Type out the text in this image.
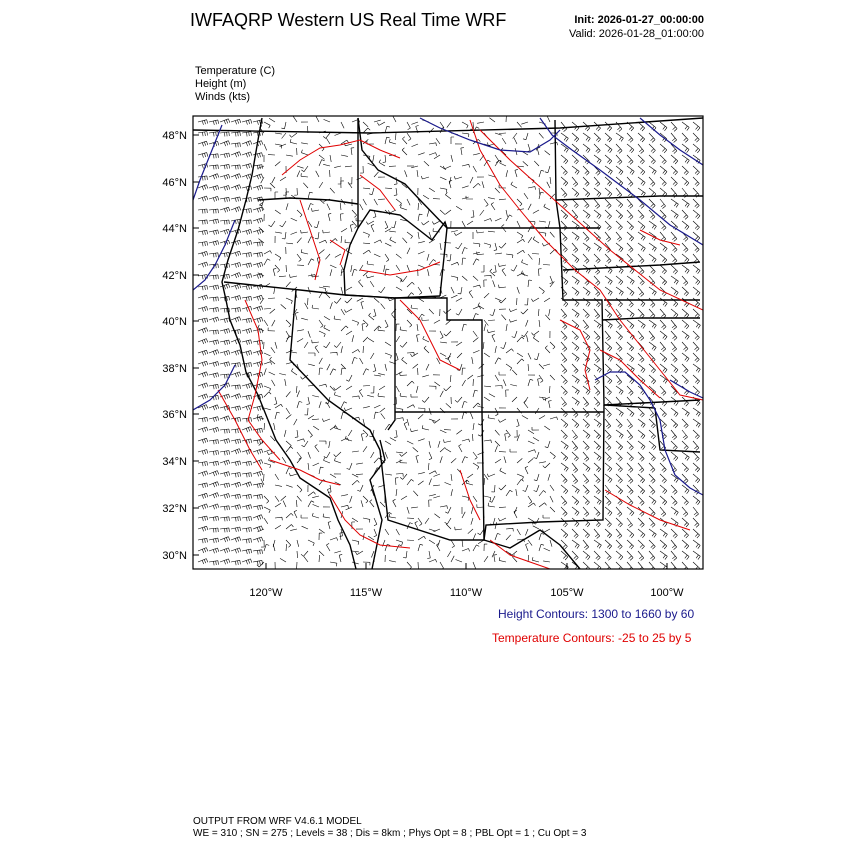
IWFAQRP Western US Real Time WRF	Init: 2026-01-27_00:00:00
Valid: 2026-01-28_01:00:00
Temperature (C)
Height (m)
Winds (kts)
48°N
46°N
44°N
42°N
40°N
38°N
36°N
34°N
32°N
30°N
120°W	115°W	110°W	105°W	100°W
Height Contours: 1300 to 1660 by 60
Temperature Contours: -25 to 25 by 5
OUTPUT FROM WRF V4.6.1 MODEL
WE = 310 ; SN = 275 ; Levels = 38 ; Dis = 8km ; Phys Opt = 8 ; PBL Opt = 1 ; Cu Opt = 3
